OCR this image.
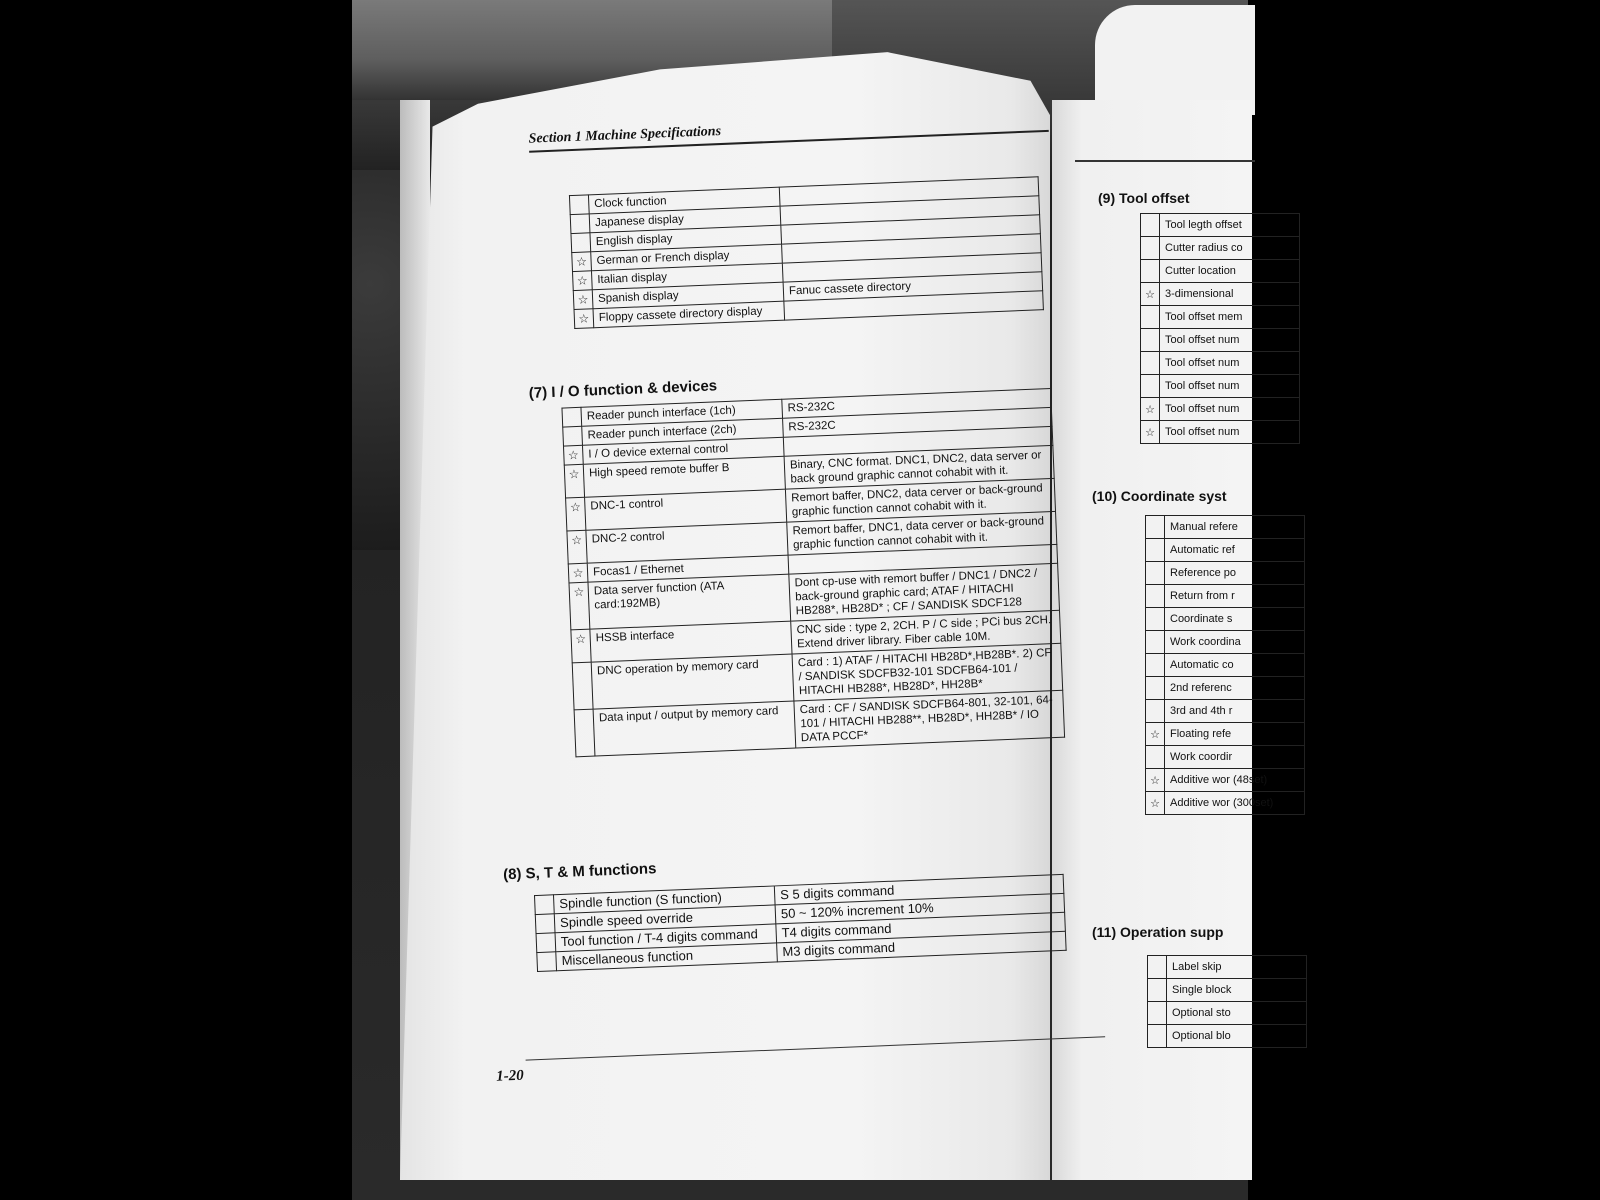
(9) Tool offset
	Tool legth offset
	Cutter radius co
	Cutter location
☆	3-dimensional
	Tool offset mem
	Tool offset num
	Tool offset num
	Tool offset num
☆	Tool offset num
☆	Tool offset num
(10) Coordinate syst
	Manual refere
	Automatic ref
	Reference po
	Return from r
	Coordinate s
	Work coordina
	Automatic co
	2nd referenc
	3rd and 4th r
☆	Floating refe
	Work coordir
☆	Additive wor (48set)
☆	Additive wor (300set)
(11) Operation supp
	Label skip
	Single block
	Optional sto
	Optional blo
Section 1 Machine Specifications
	Clock function	
	Japanese display	
	English display	
☆	German or French display	
☆	Italian display	
☆	Spanish display	Fanuc cassete directory
☆	Floppy cassete directory display	
(7) I / O function & devices
	Reader punch interface (1ch)	RS-232C
	Reader punch interface (2ch)	RS-232C
☆	I / O device external control	
☆	High speed remote buffer B	Binary, CNC format. DNC1, DNC2, data server or back ground graphic cannot cohabit with it.
☆	DNC-1 control	Remort baffer, DNC2, data cerver or back-ground graphic function cannot cohabit with it.
☆	DNC-2 control	Remort baffer, DNC1, data cerver or back-ground graphic function cannot cohabit with it.
☆	Focas1 / Ethernet	
☆	Data server function (ATA card:192MB)	Dont cp-use with remort buffer / DNC1 / DNC2 / back-ground graphic card; ATAF / HITACHI HB288*, HB28D* ; CF / SANDISK SDCF128
☆	HSSB interface	CNC side : type 2, 2CH. P / C side ; PCi bus 2CH. Extend driver library. Fiber cable 10M.
	DNC operation by memory card	Card : 1) ATAF / HITACHI HB28D*,HB28B*. 2) CF / SANDISK SDCFB32-101 SDCFB64-101 / HITACHI HB288*, HB28D*, HH28B*
	Data input / output by memory card	Card : CF / SANDISK SDCFB64-801, 32-101, 64-101 / HITACHI HB288**, HB28D*, HH28B* / IO DATA PCCF*
(8) S, T & M functions
	Spindle function (S function)	S 5 digits command
	Spindle speed override	50 ~ 120% increment 10%
	Tool function / T-4 digits command	T4 digits command
	Miscellaneous function	M3 digits command
1-20
